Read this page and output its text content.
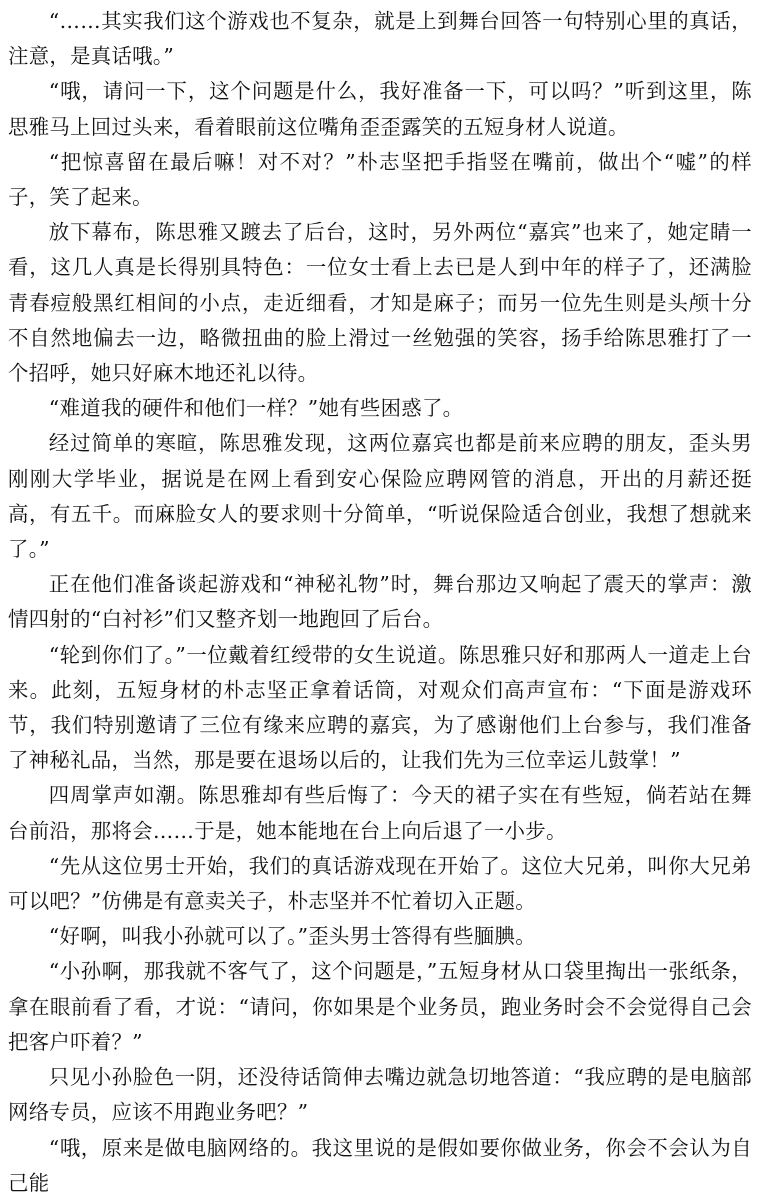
“……其实我们这个游戏也不复杂，就是上到舞台回答一句特别心里的真话，注意，是真话哦。”

“哦，请问一下，这个问题是什么，我好准备一下，可以吗？”听到这里，陈思雅马上回过头来，看着眼前这位嘴角歪歪露笑的五短身材人说道。

“把惊喜留在最后嘛！对不对？”朴志坚把手指竖在嘴前，做出个“嘘”的样子，笑了起来。

放下幕布，陈思雅又踱去了后台，这时，另外两位“嘉宾”也来了，她定睛一看，这几人真是长得别具特色：一位女士看上去已是人到中年的样子了，还满脸青春痘般黑红相间的小点，走近细看，才知是麻子；而另一位先生则是头颅十分不自然地偏去一边，略微扭曲的脸上滑过一丝勉强的笑容，扬手给陈思雅打了一个招呼，她只好麻木地还礼以待。

“难道我的硬件和他们一样？”她有些困惑了。

经过简单的寒暄，陈思雅发现，这两位嘉宾也都是前来应聘的朋友，歪头男刚刚大学毕业，据说是在网上看到安心保险应聘网管的消息，开出的月薪还挺高，有五千。而麻脸女人的要求则十分简单，“听说保险适合创业，我想了想就来了。”

正在他们准备谈起游戏和“神秘礼物”时，舞台那边又响起了震天的掌声：激情四射的“白衬衫”们又整齐划一地跑回了后台。

“轮到你们了。”一位戴着红绶带的女生说道。陈思雅只好和那两人一道走上台来。此刻，五短身材的朴志坚正拿着话筒，对观众们高声宣布：“下面是游戏环节，我们特别邀请了三位有缘来应聘的嘉宾，为了感谢他们上台参与，我们准备了神秘礼品，当然，那是要在退场以后的，让我们先为三位幸运儿鼓掌！”

四周掌声如潮。陈思雅却有些后悔了：今天的裙子实在有些短，倘若站在舞台前沿，那将会……于是，她本能地在台上向后退了一小步。

“先从这位男士开始，我们的真话游戏现在开始了。这位大兄弟，叫你大兄弟可以吧？”仿佛是有意卖关子，朴志坚并不忙着切入正题。

“好啊，叫我小孙就可以了。”歪头男士答得有些腼腆。

“小孙啊，那我就不客气了，这个问题是，”五短身材从口袋里掏出一张纸条，拿在眼前看了看，才说：“请问，你如果是个业务员，跑业务时会不会觉得自己会把客户吓着？”

只见小孙脸色一阴，还没待话筒伸去嘴边就急切地答道：“我应聘的是电脑部网络专员，应该不用跑业务吧？”

“哦，原来是做电脑网络的。我这里说的是假如要你做业务，你会不会认为自己能
